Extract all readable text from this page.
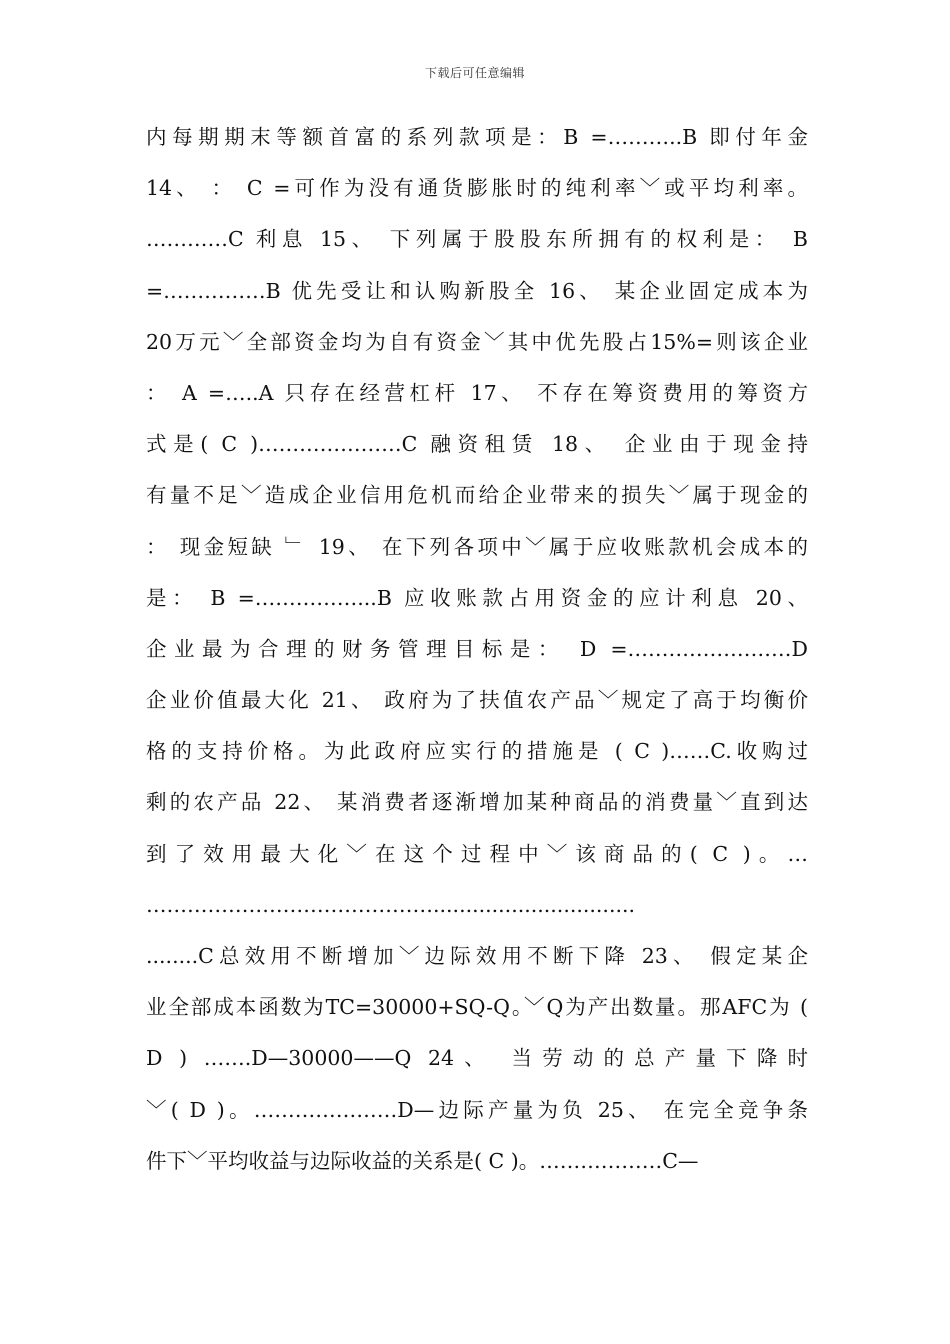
下载后可任意编辑
内每期期末等额首富的系列款项是：B =………..B 即付年金
14、 ： C =可作为没有通货膨胀时的纯利率﹀或平均利率。
…………C 利息 15、 下列属于股股东所拥有的权利是： B
=……………B 优先受让和认购新股全 16、 某企业固定成本为
20万元﹀全部资金均为自有资金﹀其中优先股占15%=则该企业
： A =…..A 只存在经营杠杆 17、 不存在筹资费用的筹资方
式是( C )…………………C 融资租赁 18、 企业由于现金持
有量不足﹀造成企业信用危机而给企业带来的损失﹀属于现金的
： 现金短缺 ﹂ 19、 在下列各项中﹀属于应收账款机会成本的
是： B =……………...B 应收账款占用资金的应计利息 20、
企业最为合理的财务管理目标是： D =……………………D
企业价值最大化 21、 政府为了扶值农产品﹀规定了高于均衡价
格的支持价格。为此政府应实行的措施是 ( C )……C.收购过
剩的农产品 22、 某消费者逐渐增加某种商品的消费量﹀直到达
到了效用最大化﹀在这个过程中﹀该商品的( C )。…
……………………………………...............................
........C总效用不断增加﹀边际效用不断下降 23、 假定某企
业全部成本函数为TC=30000+SQ-Q。﹀Q为产出数量。那AFC为 (
D ) …….D—30000——Q 24、 当劳动的总产量下降时
﹀( D )。…………………D—边际产量为负 25、 在完全竞争条
件下﹀平均收益与边际收益的关系是( C )。………………C—
